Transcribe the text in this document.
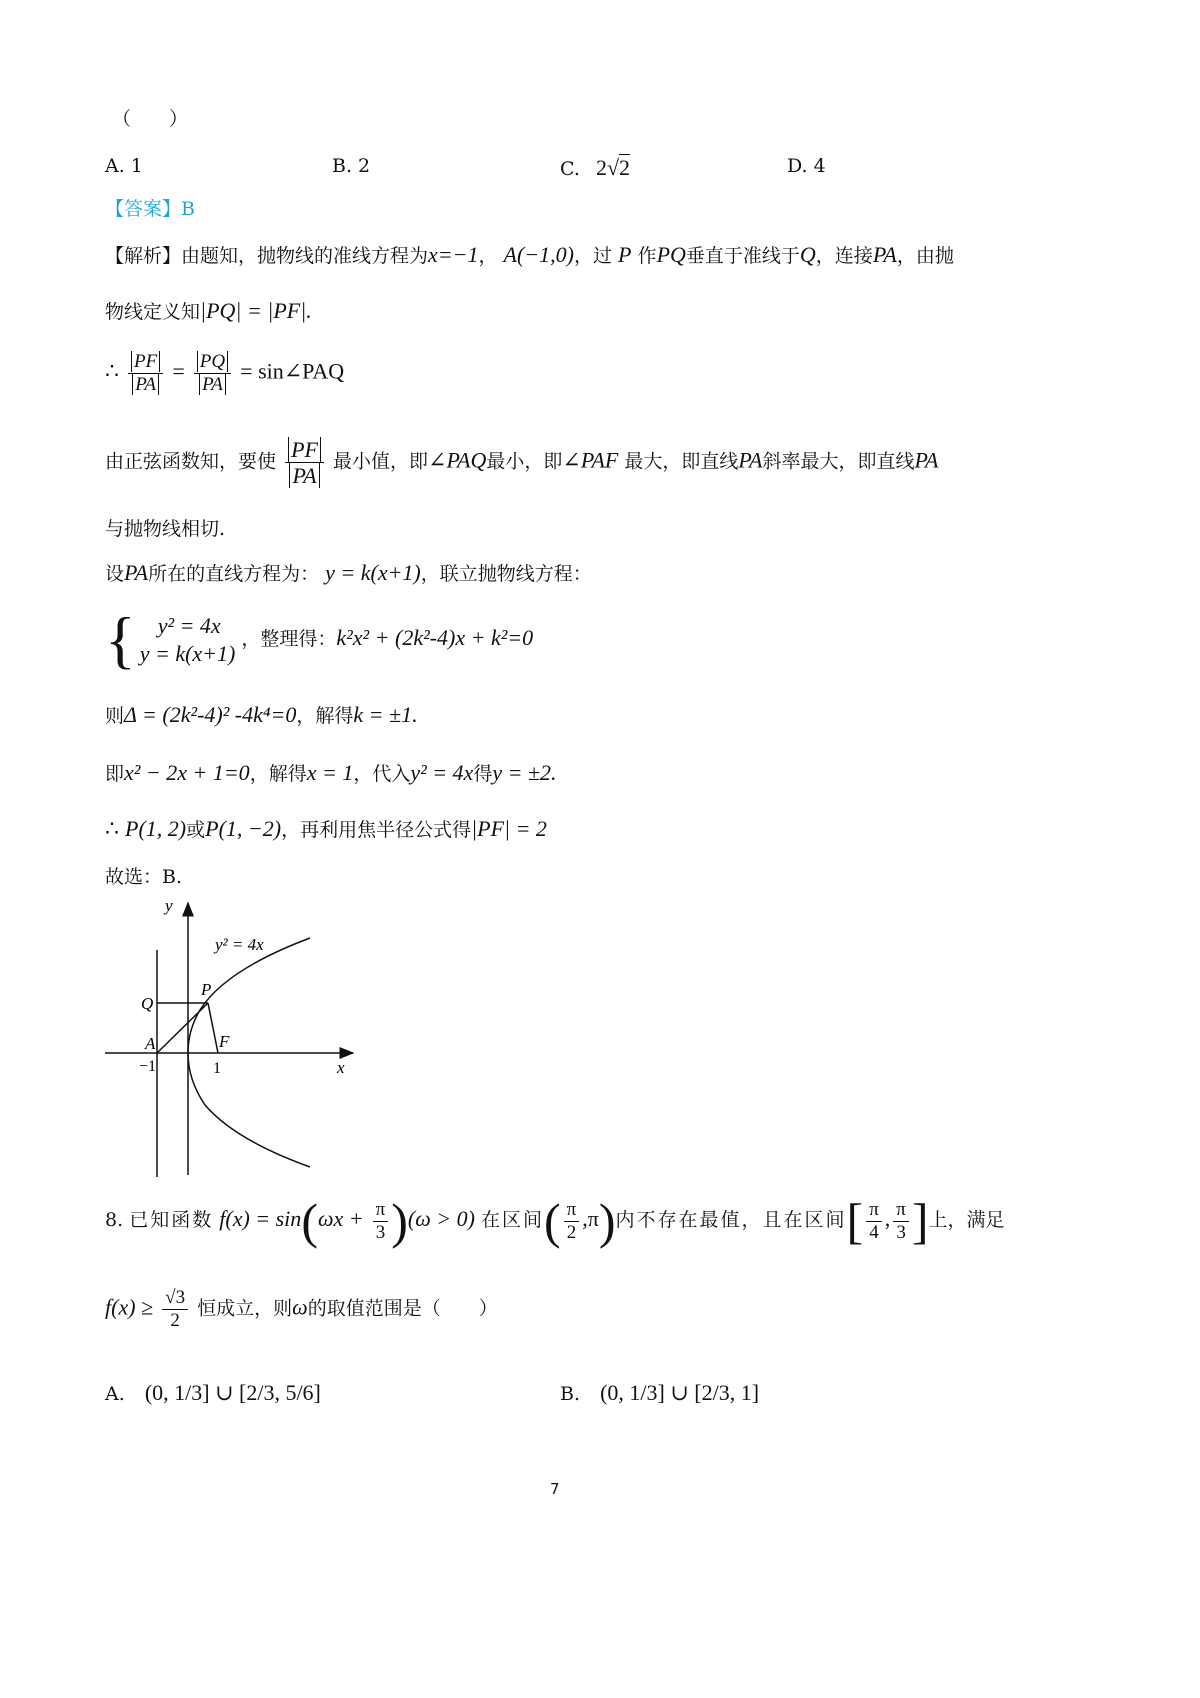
（　　）
A. 1	B. 2	C. 2√2	D. 4
【答案】B
【解析】由题知，抛物线的准线方程为x=−1， A(−1,0)，过 P 作PQ垂直于准线于Q，连接PA，由抛
物线定义知|PQ| = |PF|.
∴ $\frac{PF}{PA} = \frac{PQ}{PA}$ = sin∠PAQ
由正弦函数知，要使 $\frac{PF}{PA}$ 最小值，即∠PAQ最小，即∠PAF 最大，即直线PA斜率最大，即直线PA
与抛物线相切.
设PA所在的直线方程为： y = k(x+1)，联立抛物线方程：
{	y² = 4x
y = k(x+1)
，整理得：k²x² + (2k²-4)x + k²=0
则Δ = (2k²-4)² -4k⁴=0，解得k = ±1.
即x² − 2x + 1=0，解得x = 1，代入y² = 4x得y = ±2.
∴ P(1, 2)或P(1, −2)，再利用焦半径公式得|PF| = 2
故选：B.
y
x
y² = 4x
P
Q
A	F
−1	1
8. 已知函数 $f(x) = \sin(\omega x + \frac{\pi}{3} )(\omega > 0)$ 在区间( $\frac{\pi}{2} ,\pi$)内不存在最值，且在区间[ $\frac{\pi}{4}$ , $\frac{\pi}{3}$ ]上，满足
$f(x) \ge \frac{√3}{2}$ 恒成立，则ω的取值范围是（　　）
A. (0, 1/3] ∪ [2/3, 5/6]	B. (0, 1/3] ∪ [2/3, 1]
7
